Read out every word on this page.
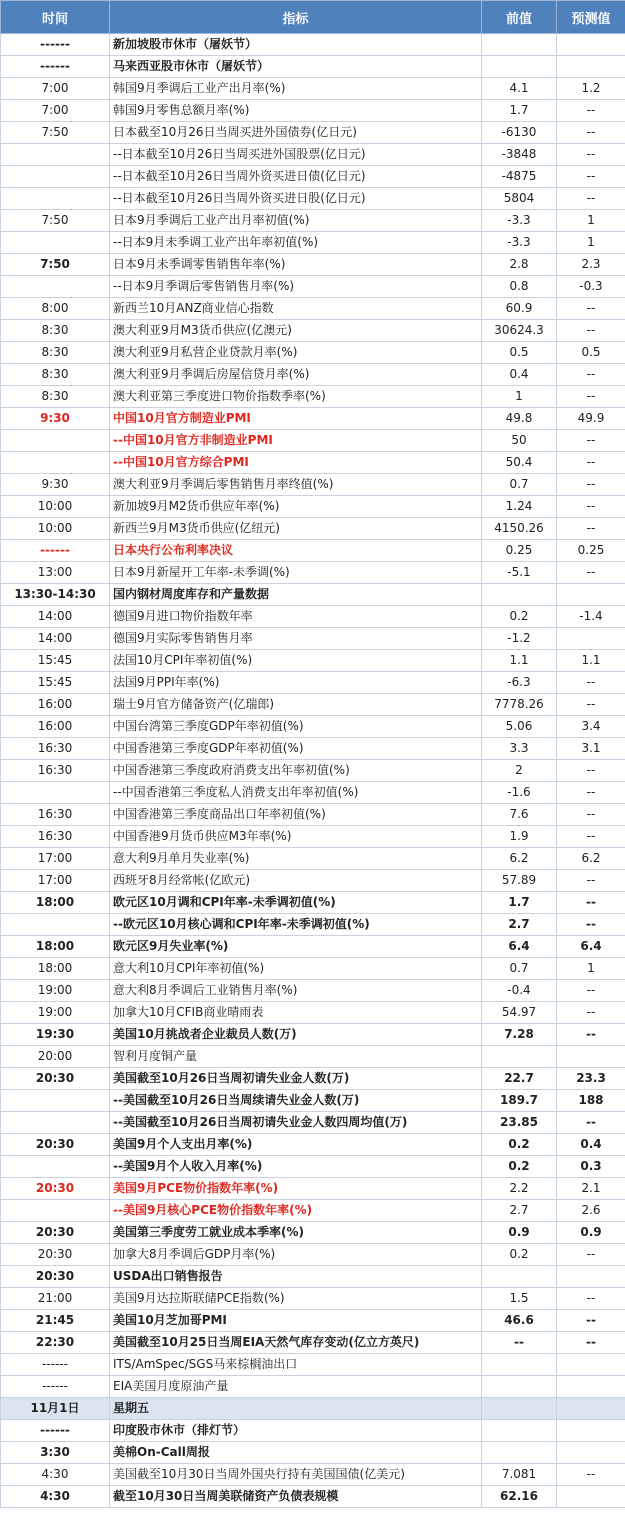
时间	指标	前值	预测值
------	新加坡股市休市（屠妖节）		
------	马来西亚股市休市（屠妖节）		
7:00	韩国9月季调后工业产出月率(%)	4.1	1.2
7:00	韩国9月零售总额月率(%)	1.7	--
7:50	日本截至10月26日当周买进外国债券(亿日元)	-6130	--
	--日本截至10月26日当周买进外国股票(亿日元)	-3848	--
	--日本截至10月26日当周外资买进日债(亿日元)	-4875	--
	--日本截至10月26日当周外资买进日股(亿日元)	5804	--
7:50	日本9月季调后工业产出月率初值(%)	-3.3	1
	--日本9月未季调工业产出年率初值(%)	-3.3	1
7:50	日本9月未季调零售销售年率(%)	2.8	2.3
	--日本9月季调后零售销售月率(%)	0.8	-0.3
8:00	新西兰10月ANZ商业信心指数	60.9	--
8:30	澳大利亚9月M3货币供应(亿澳元)	30624.3	--
8:30	澳大利亚9月私营企业贷款月率(%)	0.5	0.5
8:30	澳大利亚9月季调后房屋信贷月率(%)	0.4	--
8:30	澳大利亚第三季度进口物价指数季率(%)	1	--
9:30	中国10月官方制造业PMI	49.8	49.9
	--中国10月官方非制造业PMI	50	--
	--中国10月官方综合PMI	50.4	--
9:30	澳大利亚9月季调后零售销售月率终值(%)	0.7	--
10:00	新加坡9月M2货币供应年率(%)	1.24	--
10:00	新西兰9月M3货币供应(亿纽元)	4150.26	--
------	日本央行公布利率决议	0.25	0.25
13:00	日本9月新屋开工年率-未季调(%)	-5.1	--
13:30-14:30	国内钢材周度库存和产量数据		
14:00	德国9月进口物价指数年率	0.2	-1.4
14:00	德国9月实际零售销售月率	-1.2	
15:45	法国10月CPI年率初值(%)	1.1	1.1
15:45	法国9月PPI年率(%)	-6.3	--
16:00	瑞士9月官方储备资产(亿瑞郎)	7778.26	--
16:00	中国台湾第三季度GDP年率初值(%)	5.06	3.4
16:30	中国香港第三季度GDP年率初值(%)	3.3	3.1
16:30	中国香港第三季度政府消费支出年率初值(%)	2	--
	--中国香港第三季度私人消费支出年率初值(%)	-1.6	--
16:30	中国香港第三季度商品出口年率初值(%)	7.6	--
16:30	中国香港9月货币供应M3年率(%)	1.9	--
17:00	意大利9月单月失业率(%)	6.2	6.2
17:00	西班牙8月经常帐(亿欧元)	57.89	--
18:00	欧元区10月调和CPI年率-未季调初值(%)	1.7	--
	--欧元区10月核心调和CPI年率-未季调初值(%)	2.7	--
18:00	欧元区9月失业率(%)	6.4	6.4
18:00	意大利10月CPI年率初值(%)	0.7	1
19:00	意大利8月季调后工业销售月率(%)	-0.4	--
19:00	加拿大10月CFIB商业晴雨表	54.97	--
19:30	美国10月挑战者企业裁员人数(万)	7.28	--
20:00	智利月度铜产量		
20:30	美国截至10月26日当周初请失业金人数(万)	22.7	23.3
	--美国截至10月26日当周续请失业金人数(万)	189.7	188
	--美国截至10月26日当周初请失业金人数四周均值(万)	23.85	--
20:30	美国9月个人支出月率(%)	0.2	0.4
	--美国9月个人收入月率(%)	0.2	0.3
20:30	美国9月PCE物价指数年率(%)	2.2	2.1
	--美国9月核心PCE物价指数年率(%)	2.7	2.6
20:30	美国第三季度劳工就业成本季率(%)	0.9	0.9
20:30	加拿大8月季调后GDP月率(%)	0.2	--
20:30	USDA出口销售报告		
21:00	美国9月达拉斯联储PCE指数(%)	1.5	--
21:45	美国10月芝加哥PMI	46.6	--
22:30	美国截至10月25日当周EIA天然气库存变动(亿立方英尺)	--	--
------	ITS/AmSpec/SGS马来棕榈油出口		
------	EIA美国月度原油产量		
11月1日	星期五		
------	印度股市休市（排灯节）		
3:30	美棉On-Call周报		
4:30	美国截至10月30日当周外国央行持有美国国债(亿美元)	7.081	--
4:30	截至10月30日当周美联储资产负债表规模	62.16	
